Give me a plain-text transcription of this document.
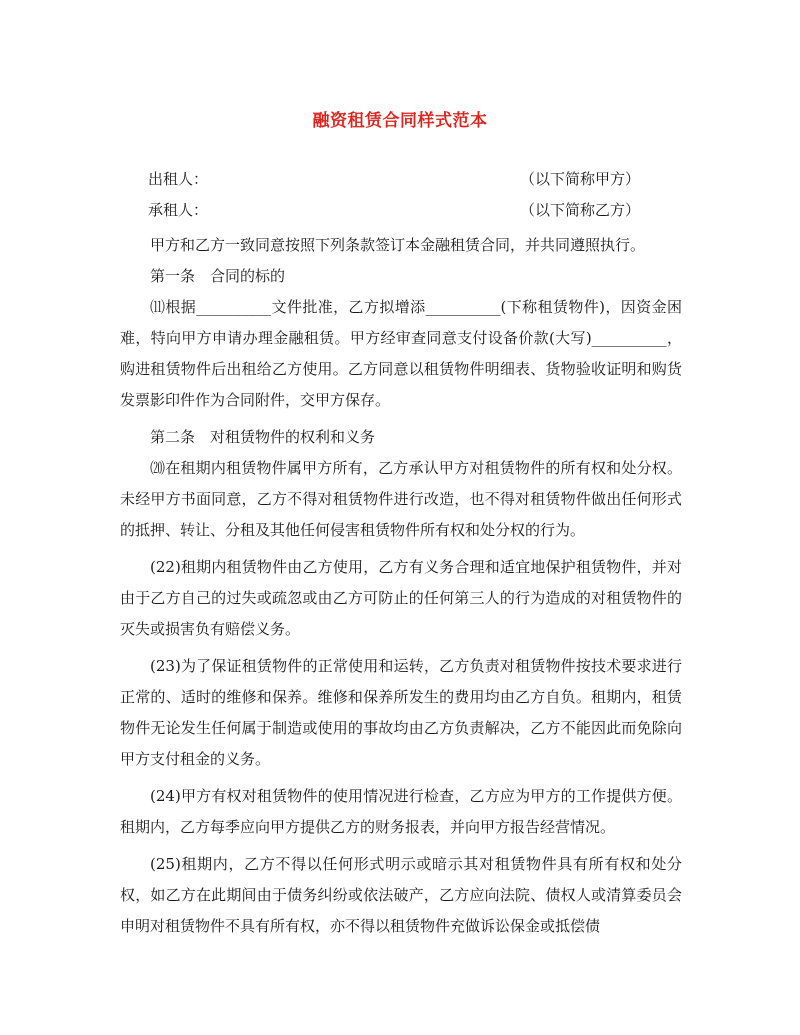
融资租赁合同样式范本
出租人：	（以下简称甲方）
承租人：	（以下简称乙方）

甲方和乙方一致同意按照下列条款签订本金融租赁合同，并共同遵照执行。

第一条　合同的标的

⑾根据__________文件批准，乙方拟增添__________(下称租赁物件)，因资金困难，特向甲方申请办理金融租赁。甲方经审查同意支付设备价款(大写)__________，购进租赁物件后出租给乙方使用。乙方同意以租赁物件明细表、货物验收证明和购货发票影印件作为合同附件，交甲方保存。

第二条　对租赁物件的权利和义务

⒇在租期内租赁物件属甲方所有，乙方承认甲方对租赁物件的所有权和处分权。未经甲方书面同意，乙方不得对租赁物件进行改造，也不得对租赁物件做出任何形式的抵押、转让、分租及其他任何侵害租赁物件所有权和处分权的行为。

(22)租期内租赁物件由乙方使用，乙方有义务合理和适宜地保护租赁物件，并对由于乙方自己的过失或疏忽或由乙方可防止的任何第三人的行为造成的对租赁物件的灭失或损害负有赔偿义务。

(23)为了保证租赁物件的正常使用和运转，乙方负责对租赁物件按技术要求进行正常的、适时的维修和保养。维修和保养所发生的费用均由乙方自负。租期内，租赁物件无论发生任何属于制造或使用的事故均由乙方负责解决，乙方不能因此而免除向甲方支付租金的义务。

(24)甲方有权对租赁物件的使用情况进行检查，乙方应为甲方的工作提供方便。租期内，乙方每季应向甲方提供乙方的财务报表，并向甲方报告经营情况。

(25)租期内，乙方不得以任何形式明示或暗示其对租赁物件具有所有权和处分权，如乙方在此期间由于债务纠纷或依法破产，乙方应向法院、债权人或清算委员会申明对租赁物件不具有所有权，亦不得以租赁物件充做诉讼保金或抵偿债
